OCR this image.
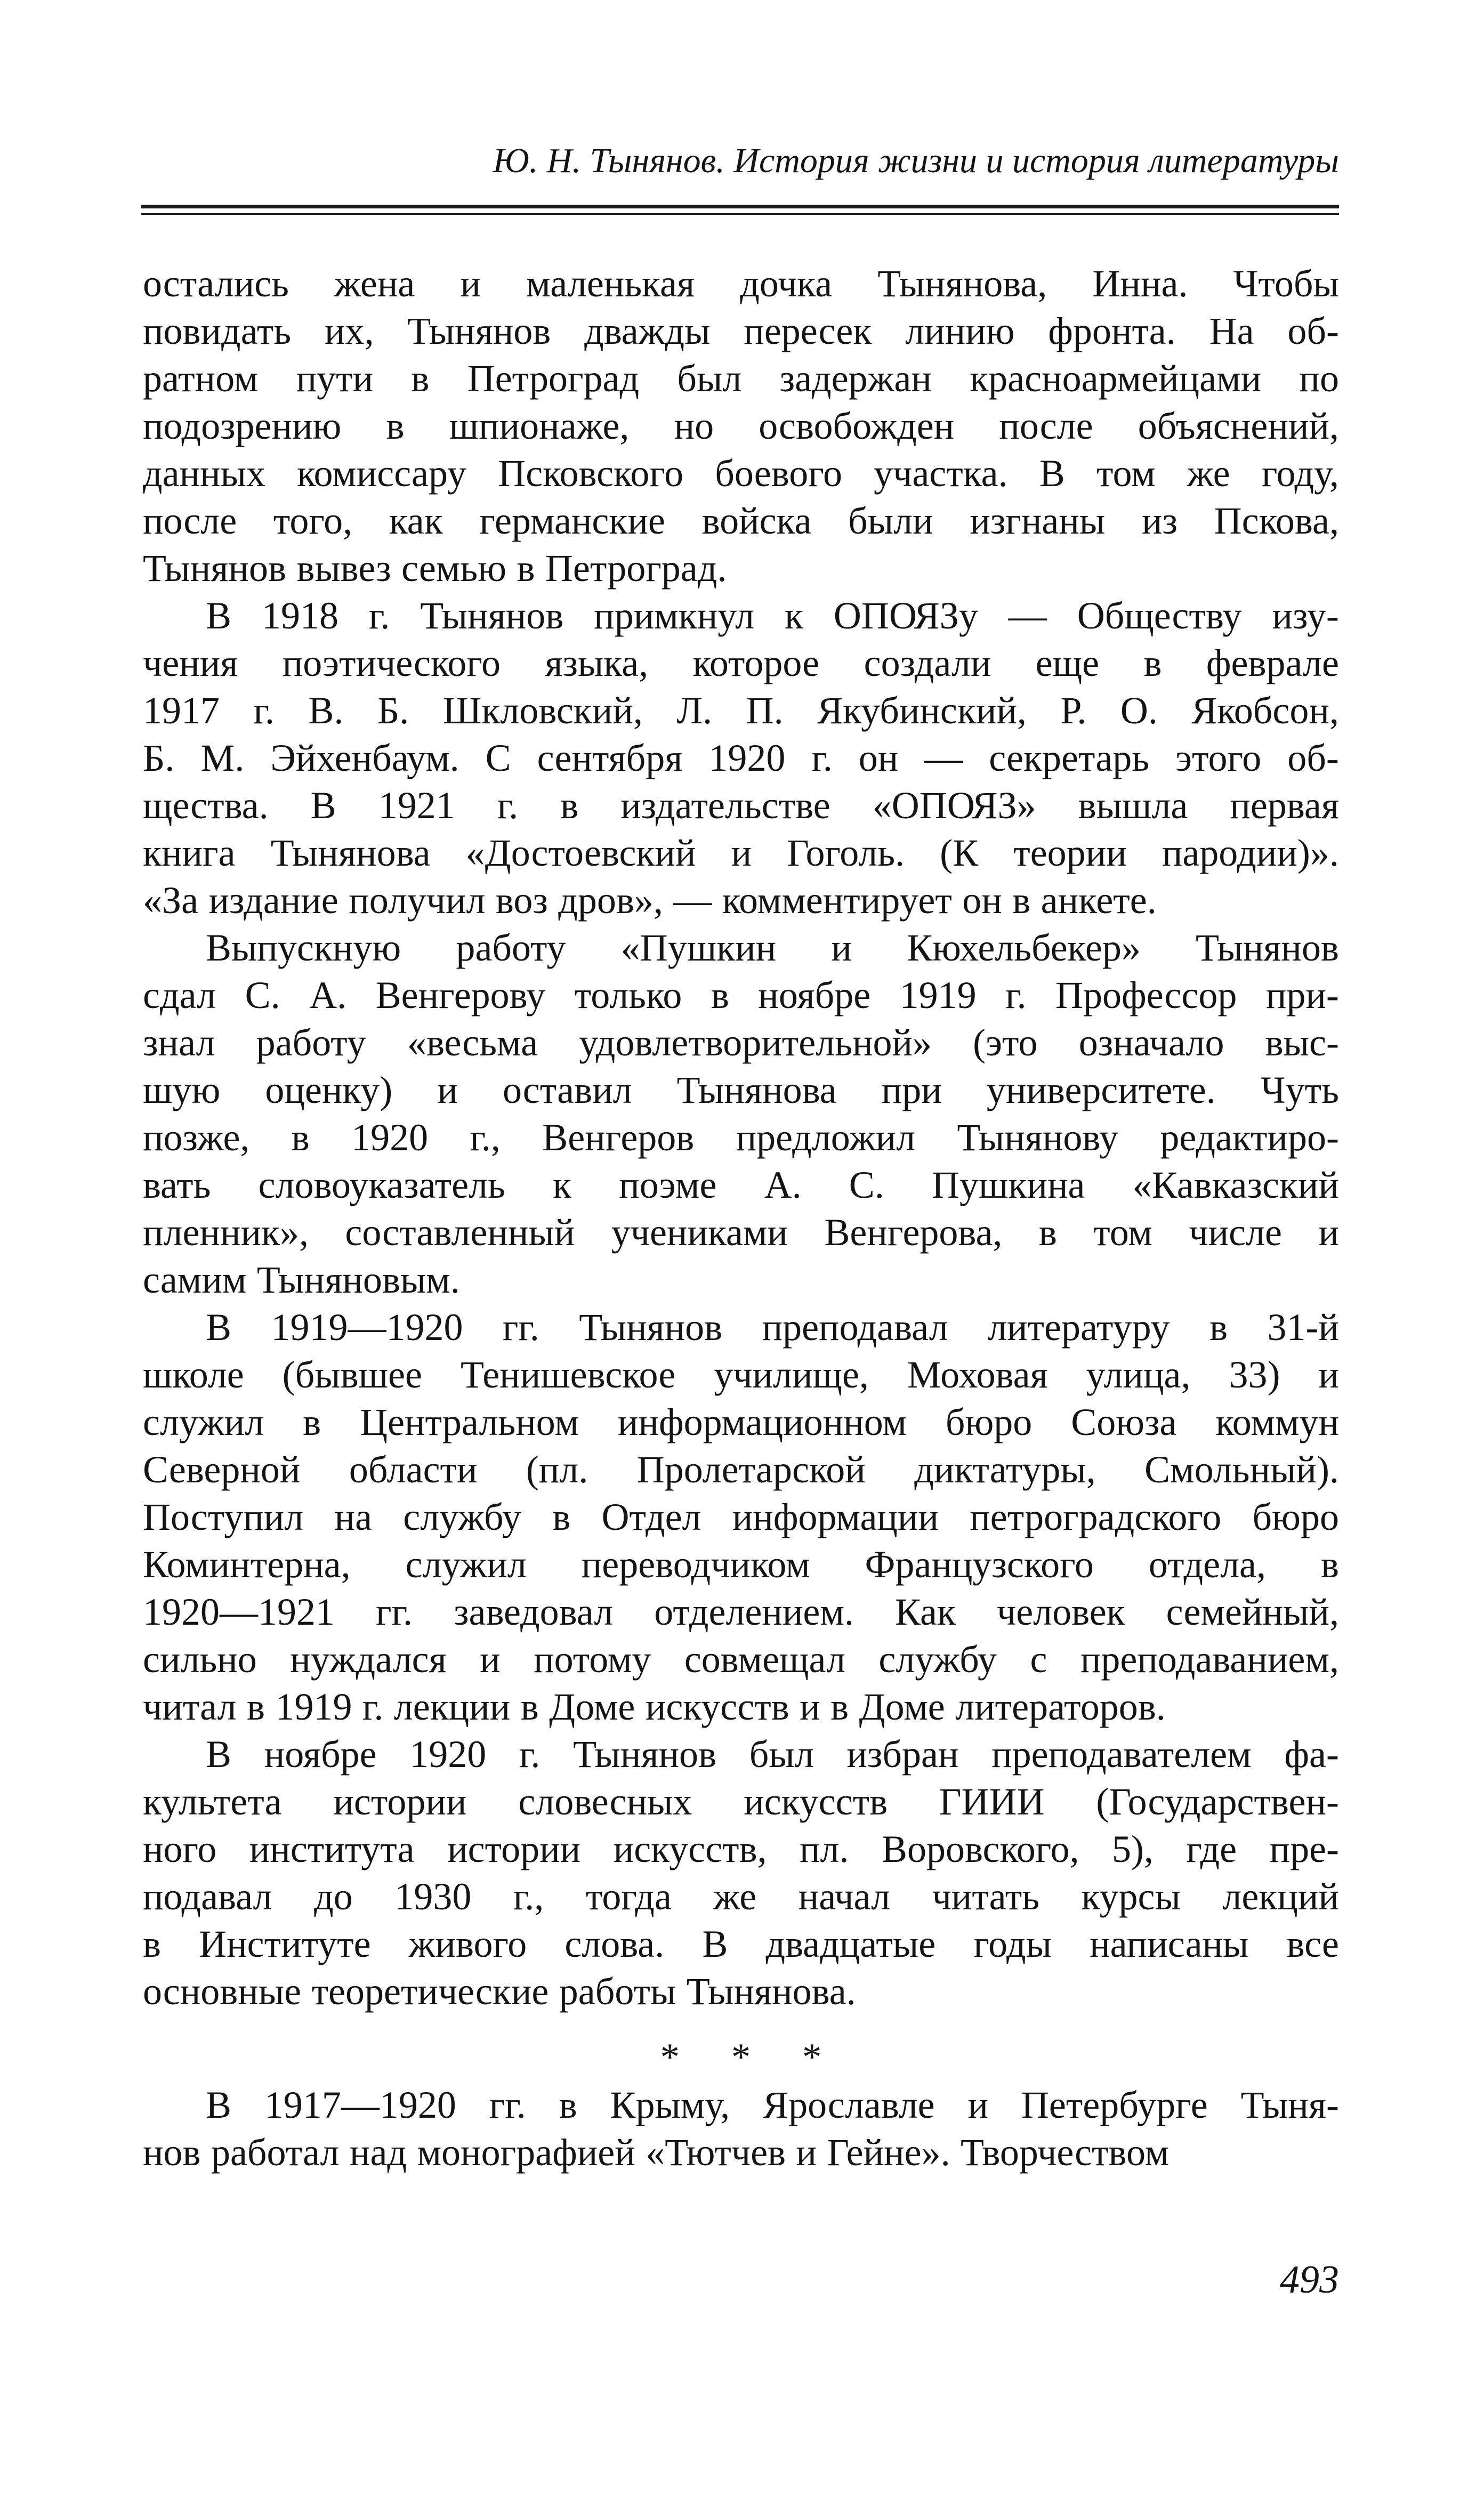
Ю. Н. Тынянов. История жизни и история литературы
остались жена и маленькая дочка Тынянова, Инна. Чтобы
повидать их, Тынянов дважды пересек линию фронта. На об-
ратном пути в Петроград был задержан красноармейцами по
подозрению в шпионаже, но освобожден после объяснений,
данных комиссару Псковского боевого участка. В том же году,
после того, как германские войска были изгнаны из Пскова,
Тынянов вывез семью в Петроград.
В 1918 г. Тынянов примкнул к ОПОЯЗу — Обществу изу-
чения поэтического языка, которое создали еще в феврале
1917 г. В. Б. Шкловский, Л. П. Якубинский, Р. О. Якобсон,
Б. М. Эйхенбаум. С сентября 1920 г. он — секретарь этого об-
щества. В 1921 г. в издательстве «ОПОЯЗ» вышла первая
книга Тынянова «Достоевский и Гоголь. (К теории пародии)».
«За издание получил воз дров», — комментирует он в анкете.
Выпускную работу «Пушкин и Кюхельбекер» Тынянов
сдал С. А. Венгерову только в ноябре 1919 г. Профессор при-
знал работу «весьма удовлетворительной» (это означало выс-
шую оценку) и оставил Тынянова при университете. Чуть
позже, в 1920 г., Венгеров предложил Тынянову редактиро-
вать словоуказатель к поэме А. С. Пушкина «Кавказский
пленник», составленный учениками Венгерова, в том числе и
самим Тыняновым.
В 1919—1920 гг. Тынянов преподавал литературу в 31-й
школе (бывшее Тенишевское училище, Моховая улица, 33) и
служил в Центральном информационном бюро Союза коммун
Северной области (пл. Пролетарской диктатуры, Смольный).
Поступил на службу в Отдел информации петроградского бюро
Коминтерна, служил переводчиком Французского отдела, в
1920—1921 гг. заведовал отделением. Как человек семейный,
сильно нуждался и потому совмещал службу с преподаванием,
читал в 1919 г. лекции в Доме искусств и в Доме литераторов.
В ноябре 1920 г. Тынянов был избран преподавателем фа-
культета истории словесных искусств ГИИИ (Государствен-
ного института истории искусств, пл. Воровского, 5), где пре-
подавал до 1930 г., тогда же начал читать курсы лекций
в Институте живого слова. В двадцатые годы написаны все
основные теоретические работы Тынянова.
* * *
В 1917—1920 гг. в Крыму, Ярославле и Петербурге Тыня-
нов работал над монографией «Тютчев и Гейне». Творчеством
493
